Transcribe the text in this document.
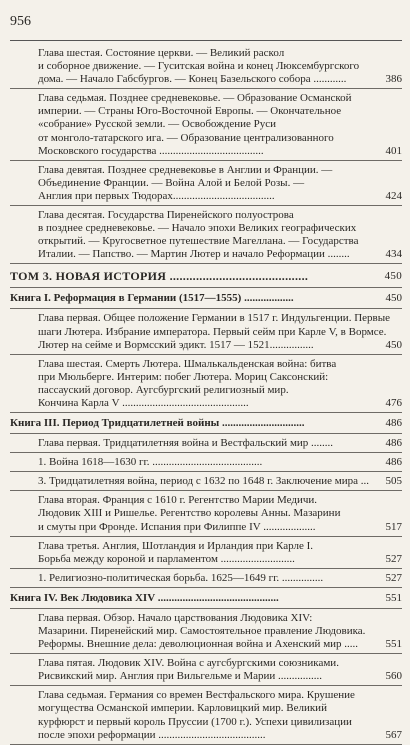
956
Глава шестая. Состояние церкви. — Великий раскол
и соборное движение. — Гуситская война и конец Люксембургского
дома. — Начало Габсбургов. — Конец Базельского собора ............	386
Глава седьмая. Позднее средневековье. — Образование Османской
империи. — Страны Юго-Восточной Европы. — Окончательное
«собрание» Русской земли. — Освобождение Руси
от монголо-татарского ига. — Образование централизованного
Московского государства ......................................	401
Глава девятая. Позднее средневековье в Англии и Франции. —
Объединение Франции. — Война Алой и Белой Розы. —
Англия при первых Тюдорах.....................................	424
Глава десятая. Государства Пиренейского полуострова
в позднее средневековье. — Начало эпохи Великих географических
открытий. — Кругосветное путешествие Магеллана. — Государства
Италии. — Папство. — Мартин Лютер и начало Реформации ........	434
ТОМ 3. НОВАЯ ИСТОРИЯ ..........................................	450
Книга I. Реформация в Германии (1517—1555) ..................	450
Глава первая. Общее положение Германии в 1517 г. Индульгенции. Первые
шаги Лютера. Избрание императора. Первый сейм при Карле V, в Вормсе.
Лютер на сейме и Вормсский эдикт. 1517 — 1521................	450
Глава шестая. Смерть Лютера. Шмалькальденская война: битва
при Мюльберге. Интерим: побег Лютера. Мориц Саксонский:
пассауский договор. Аугсбургский религиозный мир.
Кончина Карла V ..............................................	476
Книга III. Период Тридцатилетней войны ..............................	486
Глава первая. Тридцатилетняя война и Вестфальский мир ........	486
1. Война 1618—1630 гг. ........................................	486
3. Тридцатилетняя война, период с 1632 по 1648 г. Заключение мира ...	505
Глава вторая. Франция с 1610 г. Регентство Марии Медичи.
Людовик XIII и Ришелье. Регентство королевы Анны. Мазарини
и смуты при Фронде. Испания при Филиппе IV ...................	517
Глава третья. Англия, Шотландия и Ирландия при Карле I.
Борьба между короной и парламентом ...........................	527
1. Религиозно-политическая борьба. 1625—1649 гг. ...............	527
Книга IV. Век Людовика XIV ............................................	551
Глава первая. Обзор. Начало царствования Людовика XIV:
Мазарини. Пиренейский мир. Самостоятельное правление Людовика.
Реформы. Внешние дела: деволюционная война и Ахенский мир .....	551
Глава пятая. Людовик XIV. Война с аугсбургскими союзниками.
Рисвикский мир. Англия при Вильгельме и Марии ................	560
Глава седьмая. Германия со времен Вестфальского мира. Крушение
могущества Османской империи. Карловицкий мир. Великий
курфюрст и первый король Пруссии (1700 г.). Успехи цивилизации
после эпохи реформации .......................................	567
